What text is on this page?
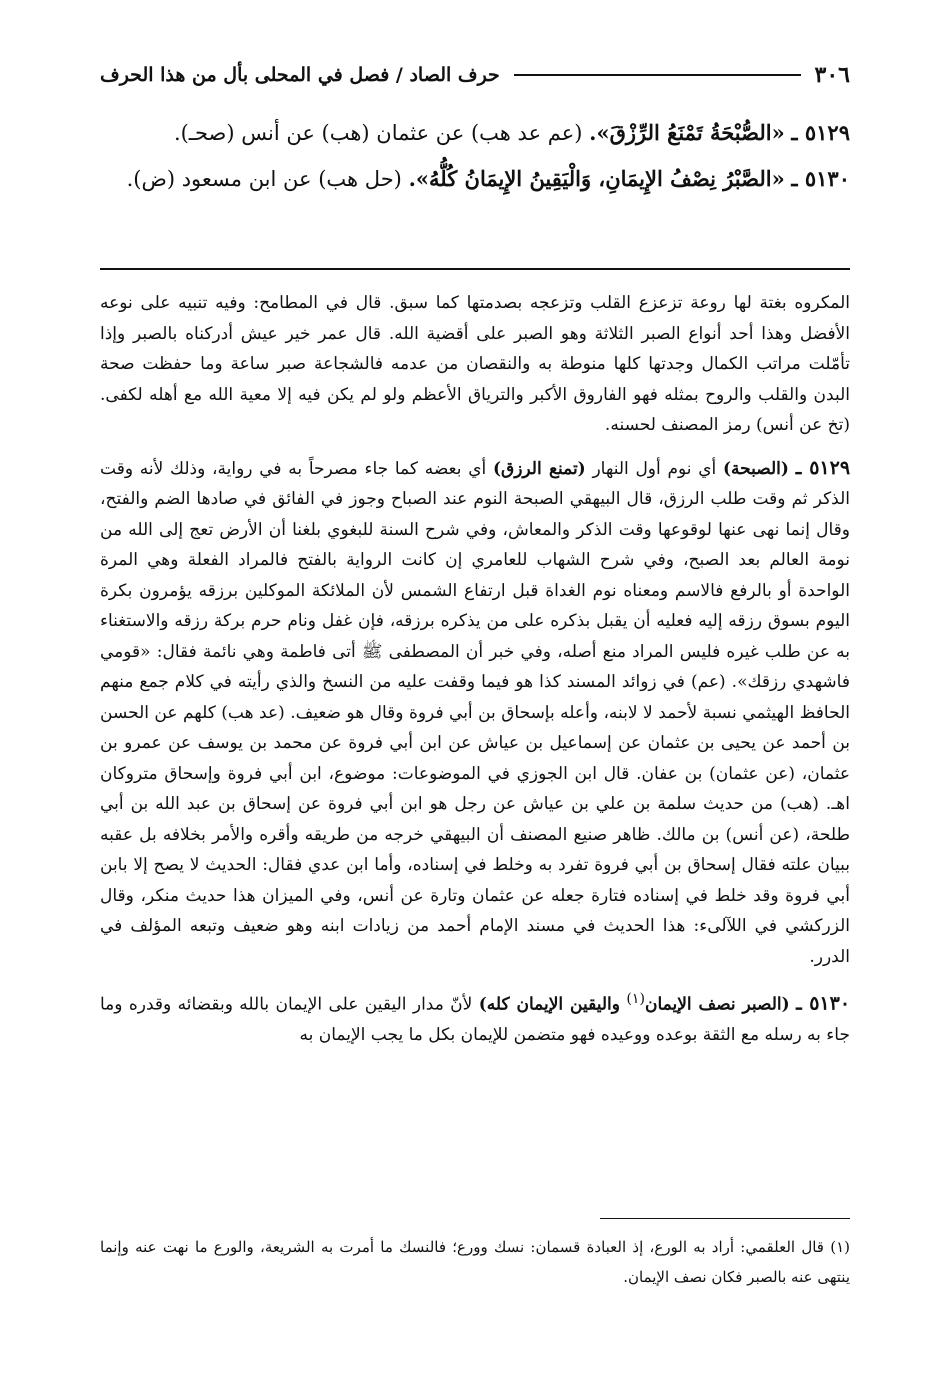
٣٠٦
حرف الصاد / فصل في المحلى بأل من هذا الحرف

٥١٢٩ ـ «الصُّبْحَةُ تَمْنَعُ الرِّزْقَ». (عم عد هب) عن عثمان (هب) عن أنس (صحـ).

٥١٣٠ ـ «الصَّبْرُ نِصْفُ الإِيمَانِ، وَالْيَقِينُ الإِيمَانُ كُلُّهُ». (حل هب) عن ابن مسعود (ض).

المكروه بغتة لها روعة تزعزع القلب وتزعجه بصدمتها كما سبق. قال في المطامح: وفيه تنبيه على نوعه الأفضل وهذا أحد أنواع الصبر الثلاثة وهو الصبر على أقضية الله. قال عمر خير عيش أدركناه بالصبر وإذا تأمّلت مراتب الكمال وجدتها كلها منوطة به والنقصان من عدمه فالشجاعة صبر ساعة وما حفظت صحة البدن والقلب والروح بمثله فهو الفاروق الأكبر والترياق الأعظم ولو لم يكن فيه إلا معية الله مع أهله لكفى. (تخ عن أنس) رمز المصنف لحسنه.

٥١٢٩ ـ (الصبحة) أي نوم أول النهار (تمنع الرزق) أي بعضه كما جاء مصرحاً به في رواية، وذلك لأنه وقت الذكر ثم وقت طلب الرزق، قال البيهقي الصبحة النوم عند الصباح وجوز في الفائق في صادها الضم والفتح، وقال إنما نهى عنها لوقوعها وقت الذكر والمعاش، وفي شرح السنة للبغوي بلغنا أن الأرض تعج إلى الله من نومة العالم بعد الصبح، وفي شرح الشهاب للعامري إن كانت الرواية بالفتح فالمراد الفعلة وهي المرة الواحدة أو بالرفع فالاسم ومعناه نوم الغداة قبل ارتفاع الشمس لأن الملائكة الموكلين برزقه يؤمرون بكرة اليوم بسوق رزقه إليه فعليه أن يقبل بذكره على من يذكره برزقه، فإن غفل ونام حرم بركة رزقه والاستغناء به عن طلب غيره فليس المراد منع أصله، وفي خبر أن المصطفى ﷺ أتى فاطمة وهي نائمة فقال: «قومي فاشهدي رزقك». (عم) في زوائد المسند كذا هو فيما وقفت عليه من النسخ والذي رأيته في كلام جمع منهم الحافظ الهيثمي نسبة لأحمد لا لابنه، وأعله بإسحاق بن أبي فروة وقال هو ضعيف. (عد هب) كلهم عن الحسن بن أحمد عن يحيى بن عثمان عن إسماعيل بن عياش عن ابن أبي فروة عن محمد بن يوسف عن عمرو بن عثمان، (عن عثمان) بن عفان. قال ابن الجوزي في الموضوعات: موضوع، ابن أبي فروة وإسحاق متروكان اهـ. (هب) من حديث سلمة بن علي بن عياش عن رجل هو ابن أبي فروة عن إسحاق بن عبد الله بن أبي طلحة، (عن أنس) بن مالك. ظاهر صنيع المصنف أن البيهقي خرجه من طريقه وأقره والأمر بخلافه بل عقبه ببيان علته فقال إسحاق بن أبي فروة تفرد به وخلط في إسناده، وأما ابن عدي فقال: الحديث لا يصح إلا بابن أبي فروة وقد خلط في إسناده فتارة جعله عن عثمان وتارة عن أنس، وفي الميزان هذا حديث منكر، وقال الزركشي في اللآلىء: هذا الحديث في مسند الإمام أحمد من زيادات ابنه وهو ضعيف وتبعه المؤلف في الدرر.

٥١٣٠ ـ (الصبر نصف الإيمان$^{(١)}$ واليقين الإيمان كله) لأنّ مدار اليقين على الإيمان بالله وبقضائه وقدره وما جاء به رسله مع الثقة بوعده ووعيده فهو متضمن للإيمان بكل ما يجب الإيمان به

(١) قال العلقمي: أراد به الورع، إذ العبادة قسمان: نسك وورع؛ فالنسك ما أمرت به الشريعة، والورع ما نهت عنه وإنما ينتهى عنه بالصبر فكان نصف الإيمان.
